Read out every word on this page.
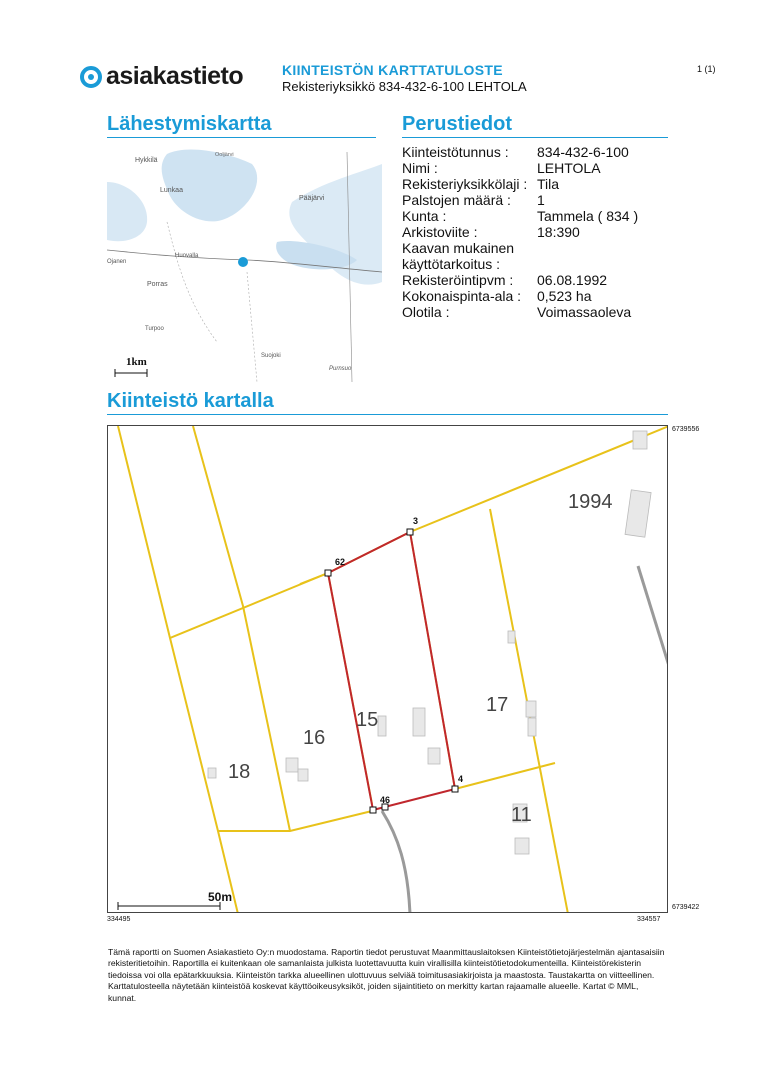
asiakastieto	KIINTEISTÖN KARTTATULOSTE
Rekisteriyksikkö 834-432-6-100 LEHTOLA
1 (1)
Lähestymiskartta
Hykkilä
Ooljärvi
Lunkaa
Pääjärvi
Huovalla
Ojanen
Porras
Turpoo
Suojoki
Purnsuo
1km
Perustiedot
Kiinteistötunnus : 834-432-6-100
Nimi :	LEHTOLA
Rekisteriyksikkölaji : Tila
Palstojen määrä : 1
Kunta :	Tammela ( 834 )
Arkistoviite :	18:390
Kaavan mukainen
käyttötarkoitus :
Rekisteröintipvm : 06.08.1992
Kokonaispinta-ala : 0,523 ha
Olotila :	Voimassaoleva
Kiinteistö kartalla
3
62
4
46
1994
17
15
16
18
11
50m
6739556
6739422
334495	334557
Tämä raportti on Suomen Asiakastieto Oy:n muodostama. Raportin tiedot perustuvat Maanmittauslaitoksen Kiinteistötietojärjestelmän ajantasaisiin rekisteritietoihin. Raportilla ei kuitenkaan ole samanlaista julkista luotettavuutta kuin virallisilla kiinteistötietodokumenteilla. Kiinteistörekisterin tiedoissa voi olla epätarkkuuksia. Kiinteistön tarkka alueellinen ulottuvuus selviää toimitusasiakirjoista ja maastosta. Taustakartta on viitteellinen. Karttatulosteella näytetään kiinteistöä koskevat käyttöoikeusyksiköt, joiden sijaintitieto on merkitty kartan rajaamalle alueelle. Kartat © MML, kunnat.
